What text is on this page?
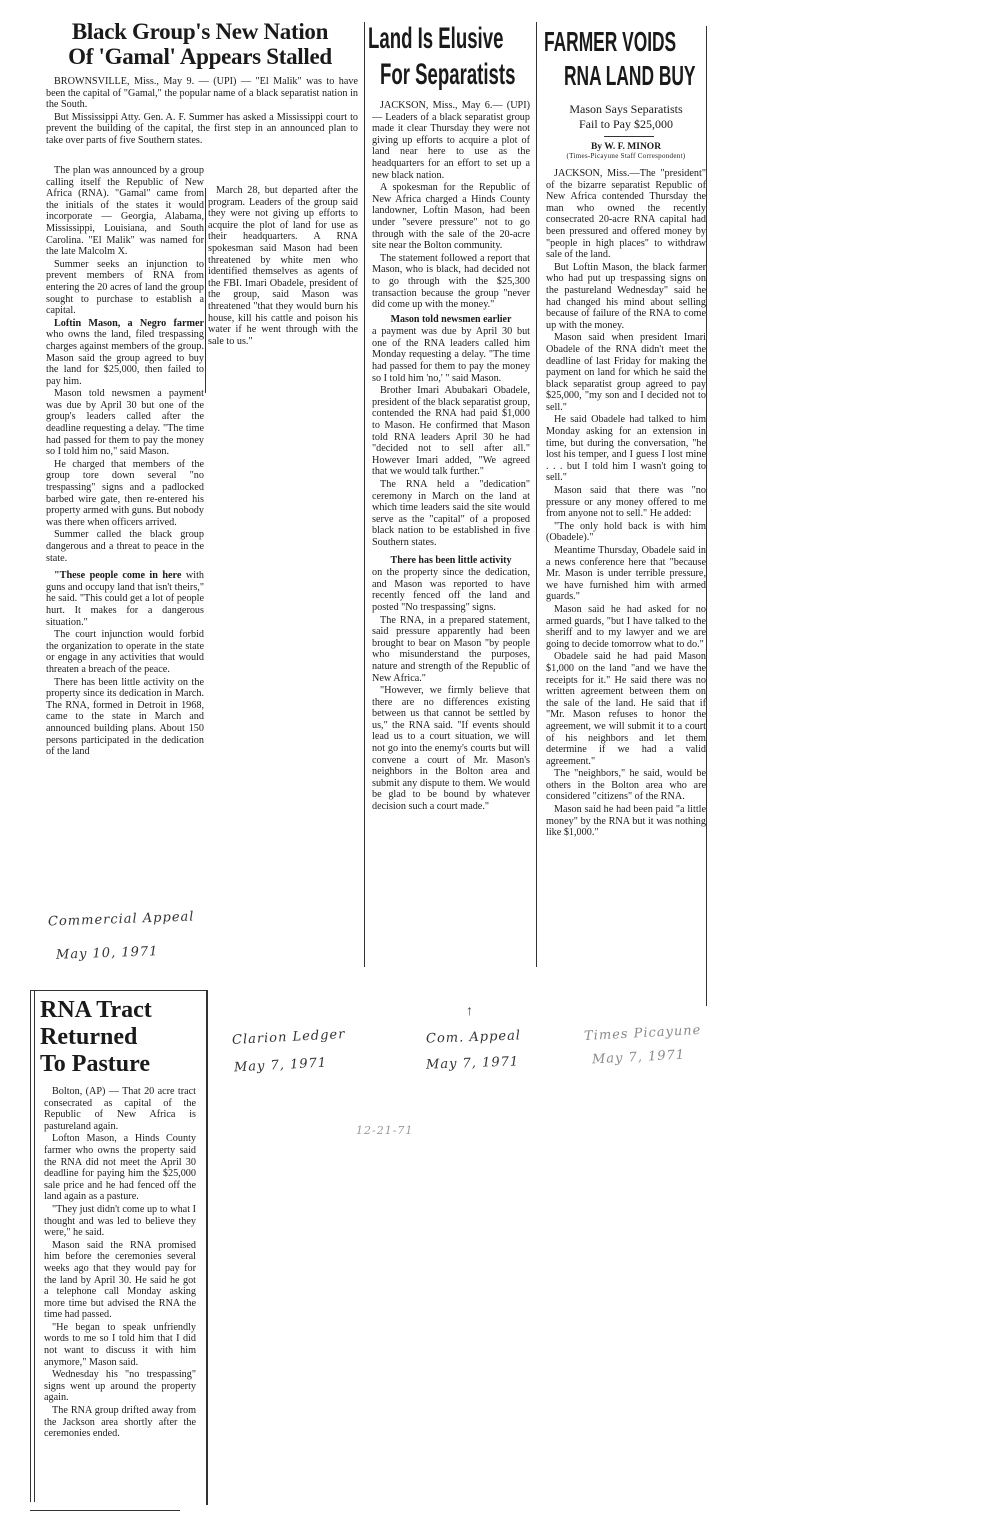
Black Group's New Nation
Of 'Gamal' Appears Stalled

BROWNSVILLE, Miss., May 9. — (UPI) — "El Malik" was to have been the capital of "Gamal," the popular name of a black separatist nation in the South.

But Mississippi Atty. Gen. A. F. Summer has asked a Mississippi court to prevent the building of the capital, the first step in an announced plan to take over parts of five Southern states.

The plan was announced by a group calling itself the Republic of New Africa (RNA). "Gamal" came from the initials of the states it would incorporate — Georgia, Alabama, Mississippi, Louisiana, and South Carolina. "El Malik" was named for the late Malcolm X.

Summer seeks an injunction to prevent members of RNA from entering the 20 acres of land the group sought to purchase to establish a capital.

Loftin Mason, a Negro farmer who owns the land, filed trespassing charges against members of the group. Mason said the group agreed to buy the land for $25,000, then failed to pay him.

Mason told newsmen a payment was due by April 30 but one of the group's leaders called after the deadline requesting a delay. "The time had passed for them to pay the money so I told him no," said Mason.

He charged that members of the group tore down several "no trespassing" signs and a padlocked barbed wire gate, then re-entered his property armed with guns. But nobody was there when officers arrived.

Summer called the black group dangerous and a threat to peace in the state.

"These people come in here with guns and occupy land that isn't theirs," he said. "This could get a lot of people hurt. It makes for a dangerous situation."

The court injunction would forbid the organization to operate in the state or engage in any activities that would threaten a breach of the peace.

There has been little activity on the property since its dedication in March. The RNA, formed in Detroit in 1968, came to the state in March and announced building plans. About 150 persons participated in the dedication of the land

March 28, but departed after the program. Leaders of the group said they were not giving up efforts to acquire the plot of land for use as their headquarters. A RNA spokesman said Mason had been threatened by white men who identified themselves as agents of the FBI. Imari Obadele, president of the group, said Mason was threatened "that they would burn his house, kill his cattle and poison his water if he went through with the sale to us."

Commercial Appeal
May 10, 1971
Land Is Elusive
For Separatists

JACKSON, Miss., May 6.— (UPI) — Leaders of a black separatist group made it clear Thursday they were not giving up efforts to acquire a plot of land near here to use as the headquarters for an effort to set up a new black nation.

A spokesman for the Republic of New Africa charged a Hinds County landowner, Loftin Mason, had been under "severe pressure" not to go through with the sale of the 20-acre site near the Bolton community.

The statement followed a report that Mason, who is black, had decided not to go through with the $25,300 transaction because the group "never did come up with the money."

Mason told newsmen earlier

a payment was due by April 30 but one of the RNA leaders called him Monday requesting a delay. "The time had passed for them to pay the money so I told him 'no,' " said Mason.

Brother Imari Abubakari Obadele, president of the black separatist group, contended the RNA had paid $1,000 to Mason. He confirmed that Mason told RNA leaders April 30 he had "decided not to sell after all." However Imari added, "We agreed that we would talk further."

The RNA held a "dedication" ceremony in March on the land at which time leaders said the site would serve as the "capital" of a proposed black nation to be established in five Southern states.

There has been little activity

on the property since the dedication, and Mason was reported to have recently fenced off the land and posted "No trespassing" signs.

The RNA, in a prepared statement, said pressure apparently had been brought to bear on Mason "by people who misunderstand the purposes, nature and strength of the Republic of New Africa."

"However, we firmly believe that there are no differences existing between us that cannot be settled by us," the RNA said. "If events should lead us to a court situation, we will not go into the enemy's courts but will convene a court of Mr. Mason's neighbors in the Bolton area and submit any dispute to them. We would be glad to be bound by whatever decision such a court made."

FARMER VOIDS
RNA LAND BUY
Mason Says Separatists
Fail to Pay $25,000
By W. F. MINOR
(Times-Picayune Staff Correspondent)

JACKSON, Miss.—The "president" of the bizarre separatist Republic of New Africa contended Thursday the man who owned the recently consecrated 20-acre RNA capital had been pressured and offered money by "people in high places" to withdraw sale of the land.

But Loftin Mason, the black farmer who had put up trespassing signs on the pastureland Wednesday" said he had changed his mind about selling because of failure of the RNA to come up with the money.

Mason said when president Imari Obadele of the RNA didn't meet the deadline of last Friday for making the payment on land for which he said the black separatist group agreed to pay $25,000, "my son and I decided not to sell."

He said Obadele had talked to him Monday asking for an extension in time, but during the conversation, "he lost his temper, and I guess I lost mine . . . but I told him I wasn't going to sell."

Mason said that there was "no pressure or any money offered to me from anyone not to sell." He added:

"The only hold back is with him (Obadele)."

Meantime Thursday, Obadele said in a news conference here that "because Mr. Mason is under terrible pressure, we have furnished him with armed guards."

Mason said he had asked for no armed guards, "but I have talked to the sheriff and to my lawyer and we are going to decide tomorrow what to do."

Obadele said he had paid Mason $1,000 on the land "and we have the receipts for it." He said there was no written agreement between them on the sale of the land. He said that if "Mr. Mason refuses to honor the agreement, we will submit it to a court of his neighbors and let them determine if we had a valid agreement."

The "neighbors," he said, would be others in the Bolton area who are considered "citizens" of the RNA.

Mason said he had been paid "a little money" by the RNA but it was nothing like $1,000."

RNA Tract
Returned
To Pasture

Bolton, (AP) — That 20 acre tract consecrated as capital of the Republic of New Africa is pastureland again.

Lofton Mason, a Hinds County farmer who owns the property said the RNA did not meet the April 30 deadline for paying him the $25,000 sale price and he had fenced off the land again as a pasture.

"They just didn't come up to what I thought and was led to believe they were," he said.

Mason said the RNA promised him before the ceremonies several weeks ago that they would pay for the land by April 30. He said he got a telephone call Monday asking more time but advised the RNA the time had passed.

"He began to speak unfriendly words to me so I told him that I did not want to discuss it with him anymore," Mason said.

Wednesday his "no trespassing" signs went up around the property again.

The RNA group drifted away from the Jackson area shortly after the ceremonies ended.

Clarion Ledger
May 7, 1971
↑
Com. Appeal
May 7, 1971
Times Picayune
May 7, 1971
12-21-71
